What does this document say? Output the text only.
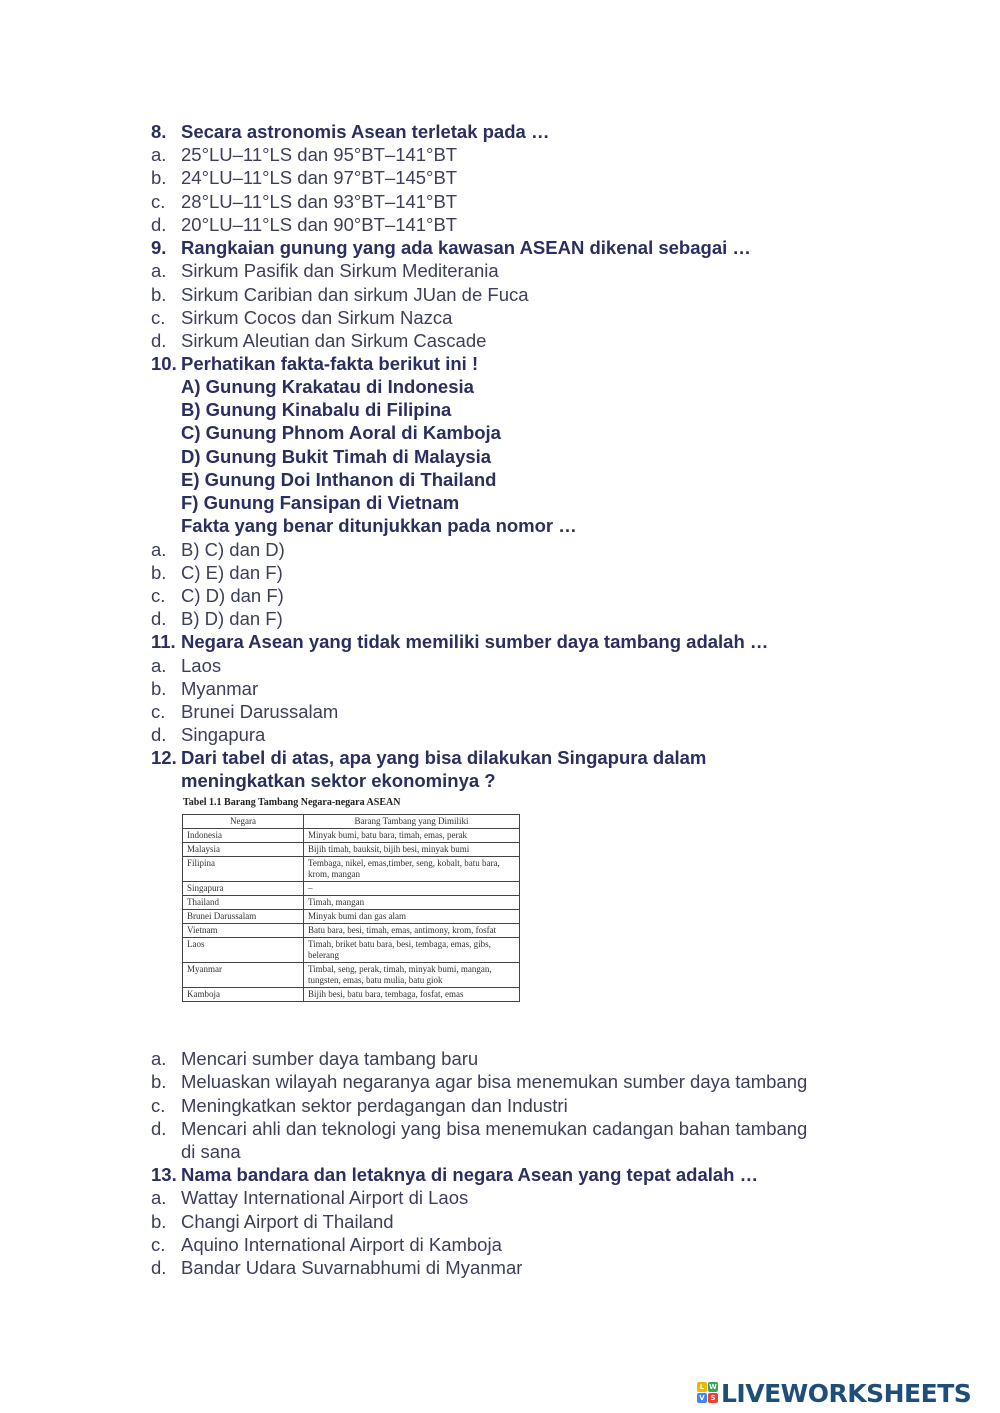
8. Secara astronomis Asean terletak pada …
a. 25°LU–11°LS dan 95°BT–141°BT
b. 24°LU–11°LS dan 97°BT–145°BT
c. 28°LU–11°LS dan 93°BT–141°BT
d. 20°LU–11°LS dan 90°BT–141°BT
9. Rangkaian gunung yang ada kawasan ASEAN dikenal sebagai …
a. Sirkum Pasifik dan Sirkum Mediterania
b. Sirkum Caribian dan sirkum JUan de Fuca
c. Sirkum Cocos dan Sirkum Nazca
d. Sirkum Aleutian dan Sirkum Cascade
10. Perhatikan fakta-fakta berikut ini !
A) Gunung Krakatau di Indonesia
B) Gunung Kinabalu di Filipina
C) Gunung Phnom Aoral di Kamboja
D) Gunung Bukit Timah di Malaysia
E) Gunung Doi Inthanon di Thailand
F) Gunung Fansipan di Vietnam
Fakta yang benar ditunjukkan pada nomor …
a. B) C) dan D)
b. C) E) dan F)
c. C) D) dan F)
d. B) D) dan F)
11. Negara Asean yang tidak memiliki sumber daya tambang adalah …
a. Laos
b. Myanmar
c. Brunei Darussalam
d. Singapura
12. Dari tabel di atas, apa yang bisa dilakukan Singapura dalam
meningkatkan sektor ekonominya ?
Tabel 1.1 Barang Tambang Negara-negara ASEAN
Negara	Barang Tambang yang Dimiliki
Indonesia	Minyak bumi, batu bara, timah, emas, perak
Malaysia	Bijih timah, bauksit, bijih besi, minyak bumi
Filipina	Tembaga, nikel, emas,timber, seng, kobalt, batu bara, krom, mangan
Singapura	–
Thailand	Timah, mangan
Brunei Darussalam	Minyak bumi dan gas alam
Vietnam	Batu bara, besi, timah, emas, antimony, krom, fosfat
Laos	Timah, briket batu bara, besi, tembaga, emas, gibs, belerang
Myanmar	Timbal, seng, perak, timah, minyak bumi, mangan, tungsten, emas, batu mulia, batu giok
Kamboja	Bijih besi, batu bara, tembaga, fosfat, emas
a. Mencari sumber daya tambang baru
b. Meluaskan wilayah negaranya agar bisa menemukan sumber daya tambang
c. Meningkatkan sektor perdagangan dan Industri
d. Mencari ahli dan teknologi yang bisa menemukan cadangan bahan tambang
di sana
13. Nama bandara dan letaknya di negara Asean yang tepat adalah …
a. Wattay International Airport di Laos
b. Changi Airport di Thailand
c. Aquino International Airport di Kamboja
d. Bandar Udara Suvarnabhumi di Myanmar
L W
V S LIVEWORKSHEETS
